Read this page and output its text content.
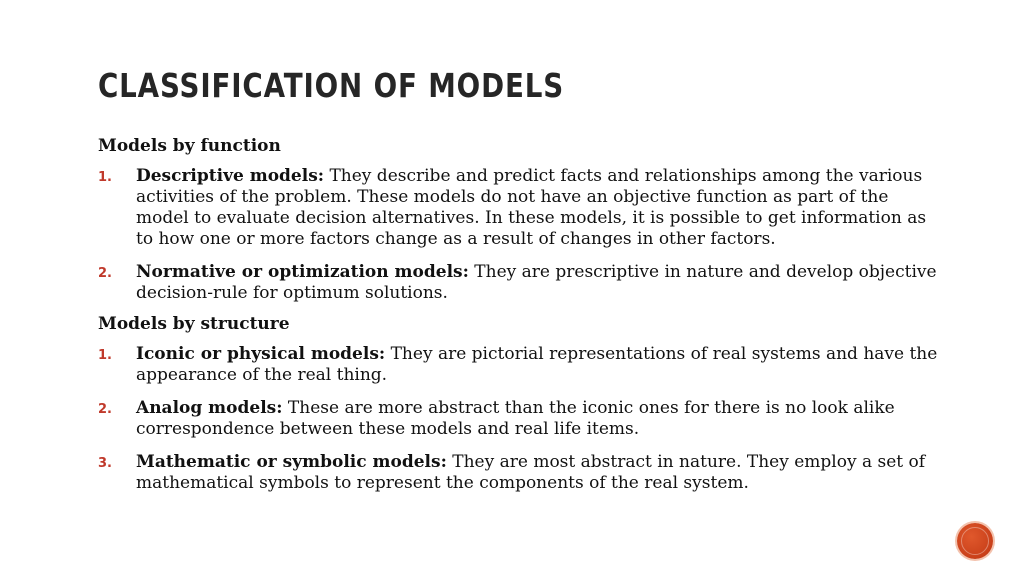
CLASSIFICATION OF MODELS
Models by function
1. Descriptive models: They describe and predict facts and relationships among the various activities of the problem. These models do not have an objective function as part of the model to evaluate decision alternatives. In these models, it is possible to get information as to how one or more factors change as a result of changes in other factors.
2. Normative or optimization models: They are prescriptive in nature and develop objective decision-rule for optimum solutions.
Models by structure
1. Iconic or physical models: They are pictorial representations of real systems and have the appearance of the real thing.
2. Analog models: These are more abstract than the iconic ones for there is no look alike correspondence between these models and real life items.
3. Mathematic or symbolic models: They are most abstract in nature. They employ a set of mathematical symbols to represent the components of the real system.
